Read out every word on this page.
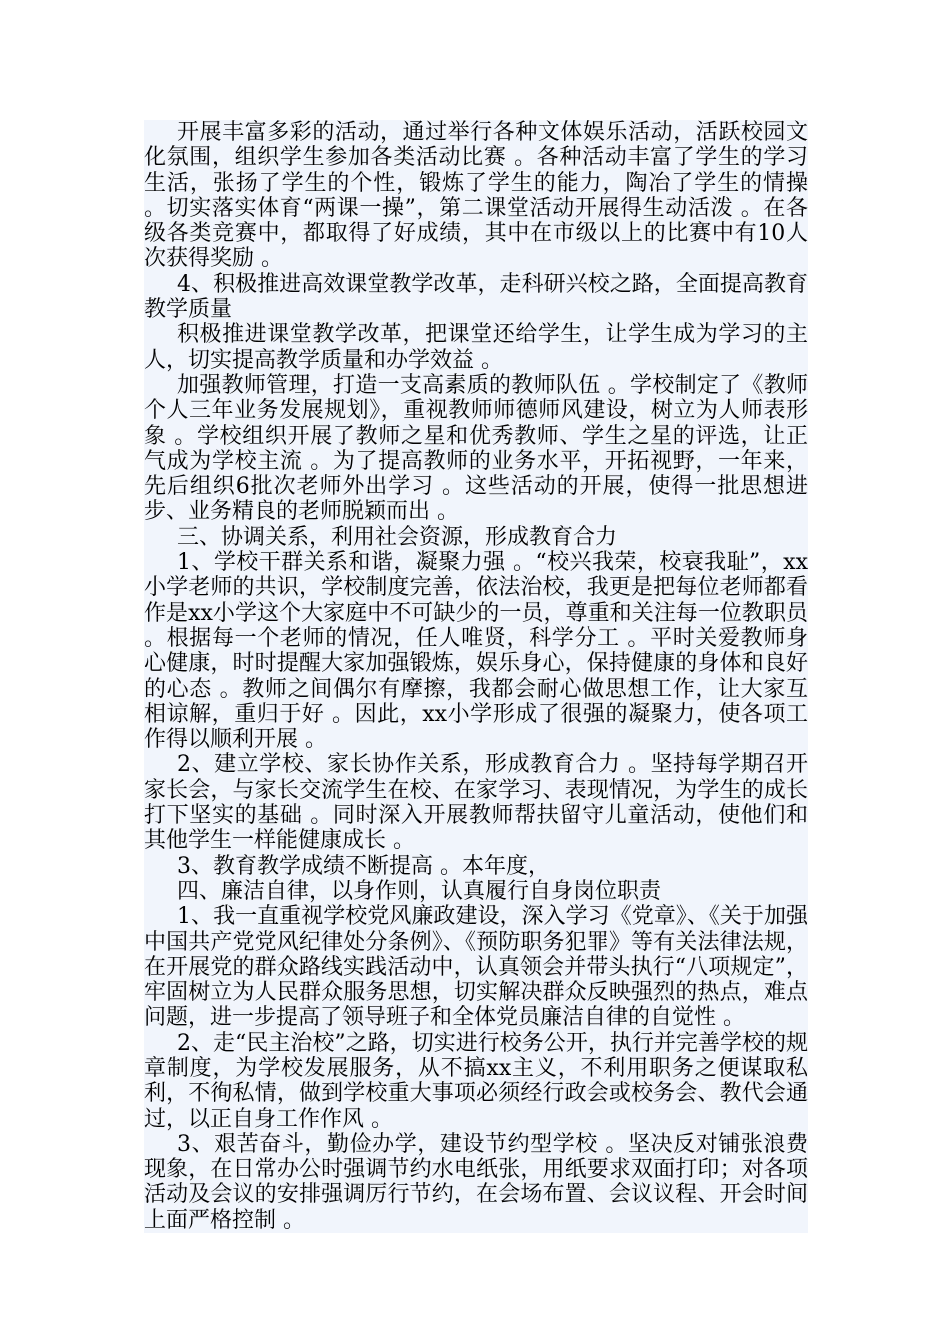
开展丰富多彩的活动，通过举行各种文体娱乐活动，活跃校园文化氛围，组织学生参加各类活动比赛 。各种活动丰富了学生的学习生活，张扬了学生的个性，锻炼了学生的能力，陶冶了学生的情操 。切实落实体育“两课一操”，第二课堂活动开展得生动活泼 。在各级各类竞赛中，都取得了好成绩，其中在市级以上的比赛中有10人次获得奖励 。

4、积极推进高效课堂教学改革，走科研兴校之路，全面提高教育教学质量

积极推进课堂教学改革，把课堂还给学生，让学生成为学习的主人，切实提高教学质量和办学效益 。

加强教师管理，打造一支高素质的教师队伍 。学校制定了《教师个人三年业务发展规划》，重视教师师德师风建设，树立为人师表形象 。学校组织开展了教师之星和优秀教师、学生之星的评选，让正气成为学校主流 。为了提高教师的业务水平，开拓视野，一年来，先后组织6批次老师外出学习 。这些活动的开展，使得一批思想进步、业务精良的老师脱颖而出 。

三、协调关系，利用社会资源，形成教育合力

1、学校干群关系和谐，凝聚力强 。“校兴我荣，校衰我耻”，xx小学老师的共识，学校制度完善，依法治校，我更是把每位老师都看作是xx小学这个大家庭中不可缺少的一员，尊重和关注每一位教职员 。根据每一个老师的情况，任人唯贤，科学分工 。平时关爱教师身心健康，时时提醒大家加强锻炼，娱乐身心，保持健康的身体和良好的心态 。教师之间偶尔有摩擦，我都会耐心做思想工作，让大家互相谅解，重归于好 。因此，xx小学形成了很强的凝聚力，使各项工作得以顺利开展 。

2、建立学校、家长协作关系，形成教育合力 。坚持每学期召开家长会，与家长交流学生在校、在家学习、表现情况，为学生的成长打下坚实的基础 。同时深入开展教师帮扶留守儿童活动，使他们和其他学生一样能健康成长 。

3、教育教学成绩不断提高 。本年度，

四、廉洁自律，以身作则，认真履行自身岗位职责

1、我一直重视学校党风廉政建设，深入学习《党章》、《关于加强中国共产党党风纪律处分条例》、《预防职务犯罪》等有关法律法规，在开展党的群众路线实践活动中，认真领会并带头执行“八项规定”，牢固树立为人民群众服务思想，切实解决群众反映强烈的热点，难点问题，进一步提高了领导班子和全体党员廉洁自律的自觉性 。

2、走“民主治校”之路，切实进行校务公开，执行并完善学校的规章制度，为学校发展服务，从不搞xx主义，不利用职务之便谋取私利，不徇私情，做到学校重大事项必须经行政会或校务会、教代会通过，以正自身工作作风 。

3、艰苦奋斗，勤俭办学，建设节约型学校 。坚决反对铺张浪费现象，在日常办公时强调节约水电纸张，用纸要求双面打印；对各项活动及会议的安排强调厉行节约，在会场布置、会议议程、开会时间上面严格控制 。
